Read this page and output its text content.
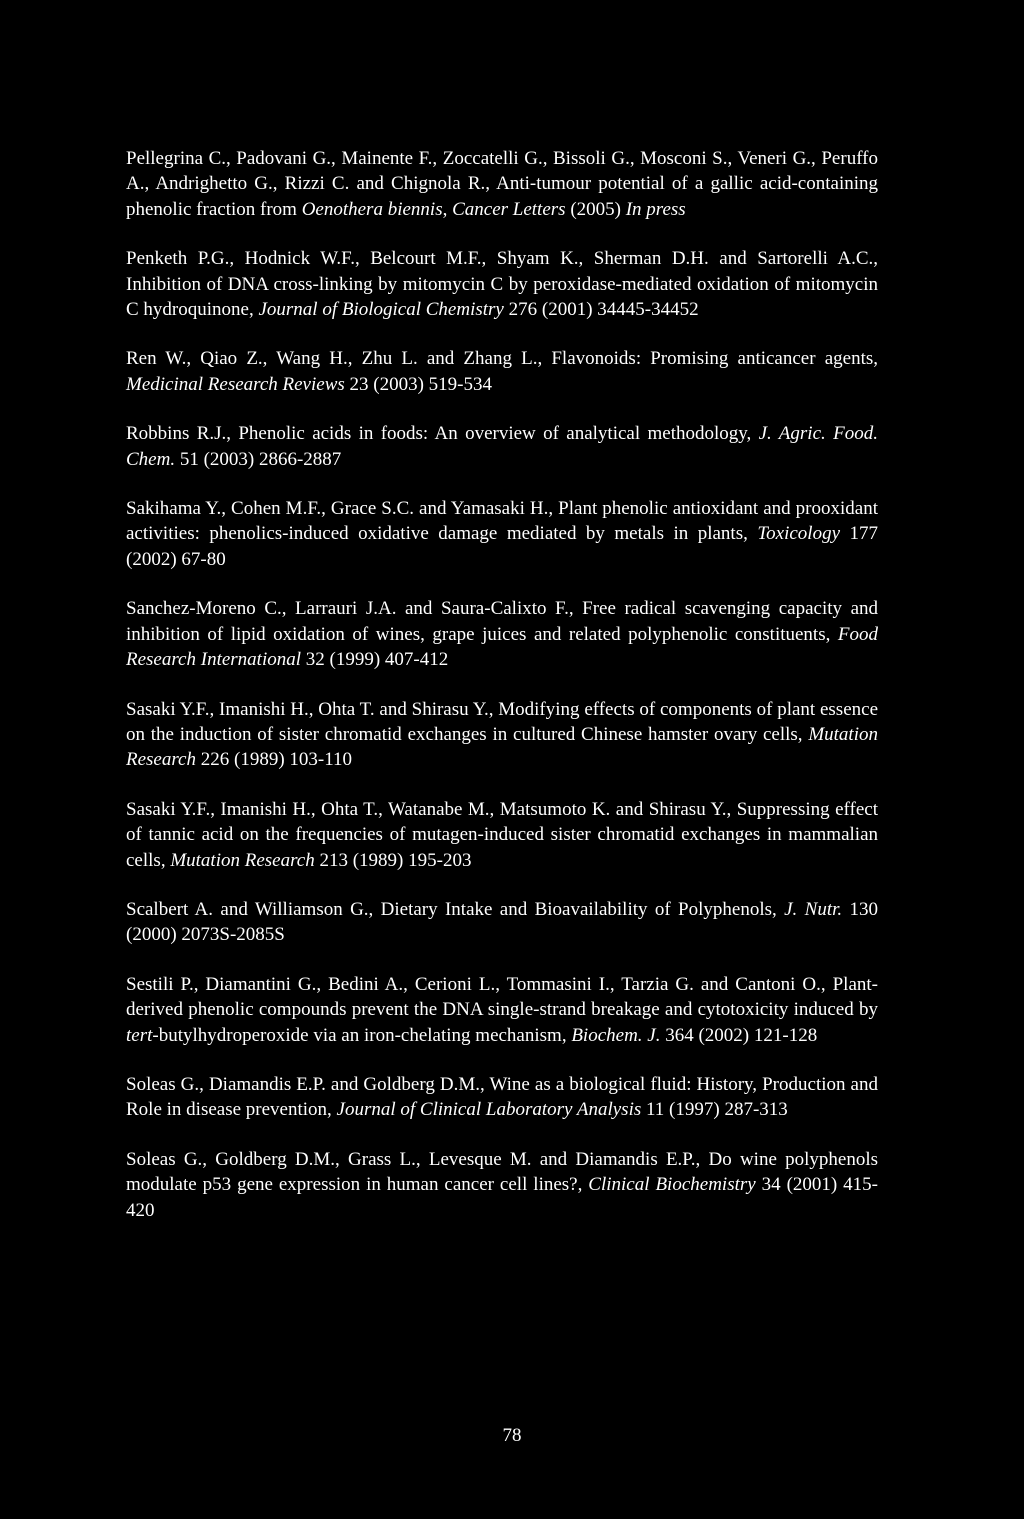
Pellegrina C., Padovani G., Mainente F., Zoccatelli G., Bissoli G., Mosconi S., Veneri G., Peruffo A., Andrighetto G., Rizzi C. and Chignola R., Anti-tumour potential of a gallic acid-containing phenolic fraction from Oenothera biennis, Cancer Letters (2005) In press

Penketh P.G., Hodnick W.F., Belcourt M.F., Shyam K., Sherman D.H. and Sartorelli A.C., Inhibition of DNA cross-linking by mitomycin C by peroxidase-mediated oxidation of mitomycin C hydroquinone, Journal of Biological Chemistry 276 (2001) 34445-34452

Ren W., Qiao Z., Wang H., Zhu L. and Zhang L., Flavonoids: Promising anticancer agents, Medicinal Research Reviews 23 (2003) 519-534

Robbins R.J., Phenolic acids in foods: An overview of analytical methodology, J. Agric. Food. Chem. 51 (2003) 2866-2887

Sakihama Y., Cohen M.F., Grace S.C. and Yamasaki H., Plant phenolic antioxidant and prooxidant activities: phenolics-induced oxidative damage mediated by metals in plants, Toxicology 177 (2002) 67-80

Sanchez-Moreno C., Larrauri J.A. and Saura-Calixto F., Free radical scavenging capacity and inhibition of lipid oxidation of wines, grape juices and related polyphenolic constituents, Food Research International 32 (1999) 407-412

Sasaki Y.F., Imanishi H., Ohta T. and Shirasu Y., Modifying effects of components of plant essence on the induction of sister chromatid exchanges in cultured Chinese hamster ovary cells, Mutation Research 226 (1989) 103-110

Sasaki Y.F., Imanishi H., Ohta T., Watanabe M., Matsumoto K. and Shirasu Y., Suppressing effect of tannic acid on the frequencies of mutagen-induced sister chromatid exchanges in mammalian cells, Mutation Research 213 (1989) 195-203

Scalbert A. and Williamson G., Dietary Intake and Bioavailability of Polyphenols, J. Nutr. 130 (2000) 2073S-2085S

Sestili P., Diamantini G., Bedini A., Cerioni L., Tommasini I., Tarzia G. and Cantoni O., Plant-derived phenolic compounds prevent the DNA single-strand breakage and cytotoxicity induced by tert-butylhydroperoxide via an iron-chelating mechanism, Biochem. J. 364 (2002) 121-128

Soleas G., Diamandis E.P. and Goldberg D.M., Wine as a biological fluid: History, Production and Role in disease prevention, Journal of Clinical Laboratory Analysis 11 (1997) 287-313

Soleas G., Goldberg D.M., Grass L., Levesque M. and Diamandis E.P., Do wine polyphenols modulate p53 gene expression in human cancer cell lines?, Clinical Biochemistry 34 (2001) 415-420

78
